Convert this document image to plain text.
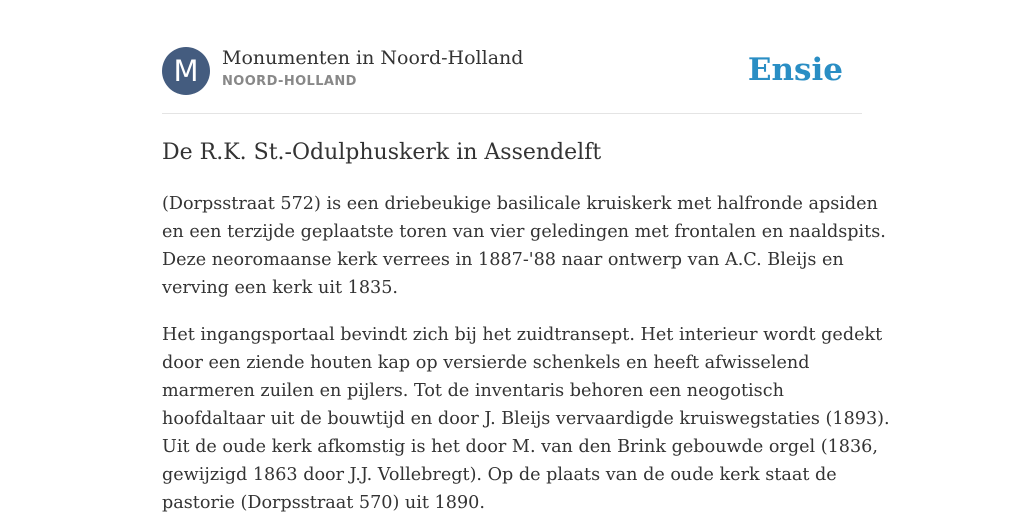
M	Monumenten in Noord-Holland
NOORD-HOLLAND	Ensie
De R.K. St.-Odulphuskerk in Assendelft

(Dorpsstraat 572) is een driebeukige basilicale kruiskerk met halfronde apsiden
en een terzijde geplaatste toren van vier geledingen met frontalen en naaldspits.
Deze neoromaanse kerk verrees in 1887-'88 naar ontwerp van A.C. Bleijs en
verving een kerk uit 1835.

Het ingangsportaal bevindt zich bij het zuidtransept. Het interieur wordt gedekt
door een ziende houten kap op versierde schenkels en heeft afwisselend
marmeren zuilen en pijlers. Tot de inventaris behoren een neogotisch
hoofdaltaar uit de bouwtijd en door J. Bleijs vervaardigde kruiswegstaties (1893).
Uit de oude kerk afkomstig is het door M. van den Brink gebouwde orgel (1836,
gewijzigd 1863 door J.J. Vollebregt). Op de plaats van de oude kerk staat de
pastorie (Dorpsstraat 570) uit 1890.
